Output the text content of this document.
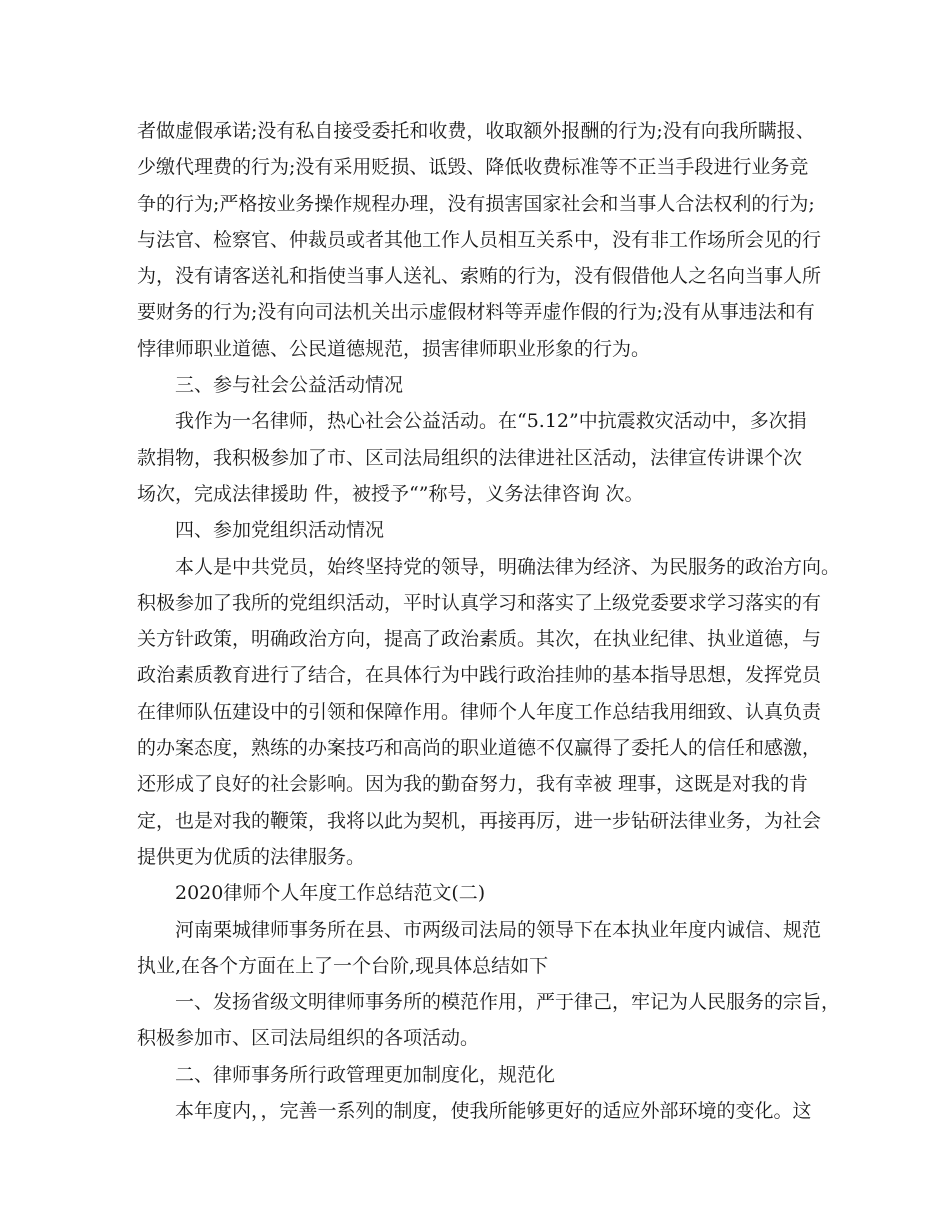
者做虚假承诺;没有私自接受委托和收费，收取额外报酬的行为;没有向我所瞒报、
少缴代理费的行为;没有采用贬损、诋毁、降低收费标准等不正当手段进行业务竞
争的行为;严格按业务操作规程办理，没有损害国家社会和当事人合法权利的行为;
与法官、检察官、仲裁员或者其他工作人员相互关系中，没有非工作场所会见的行
为，没有请客送礼和指使当事人送礼、索贿的行为，没有假借他人之名向当事人所
要财务的行为;没有向司法机关出示虚假材料等弄虚作假的行为;没有从事违法和有
悖律师职业道德、公民道德规范，损害律师职业形象的行为。
三、参与社会公益活动情况
我作为一名律师，热心社会公益活动。在“5.12”中抗震救灾活动中，多次捐
款捐物，我积极参加了市、区司法局组织的法律进社区活动，法律宣传讲课个次
场次，完成法律援助 件，被授予“”称号，义务法律咨询 次。
四、参加党组织活动情况
本人是中共党员，始终坚持党的领导，明确法律为经济、为民服务的政治方向。
积极参加了我所的党组织活动，平时认真学习和落实了上级党委要求学习落实的有
关方针政策，明确政治方向，提高了政治素质。其次，在执业纪律、执业道德，与
政治素质教育进行了结合，在具体行为中践行政治挂帅的基本指导思想，发挥党员
在律师队伍建设中的引领和保障作用。律师个人年度工作总结我用细致、认真负责
的办案态度，熟练的办案技巧和高尚的职业道德不仅赢得了委托人的信任和感激，
还形成了良好的社会影响。因为我的勤奋努力，我有幸被 理事，这既是对我的肯
定，也是对我的鞭策，我将以此为契机，再接再厉，进一步钻研法律业务，为社会
提供更为优质的法律服务。
2020律师个人年度工作总结范文(二)
河南栗城律师事务所在县、市两级司法局的领导下在本执业年度内诚信、规范
执业,在各个方面在上了一个台阶,现具体总结如下
一、发扬省级文明律师事务所的模范作用，严于律己，牢记为人民服务的宗旨，
积极参加市、区司法局组织的各项活动。
二、律师事务所行政管理更加制度化，规范化
本年度内，，完善一系列的制度，使我所能够更好的适应外部环境的变化。这
